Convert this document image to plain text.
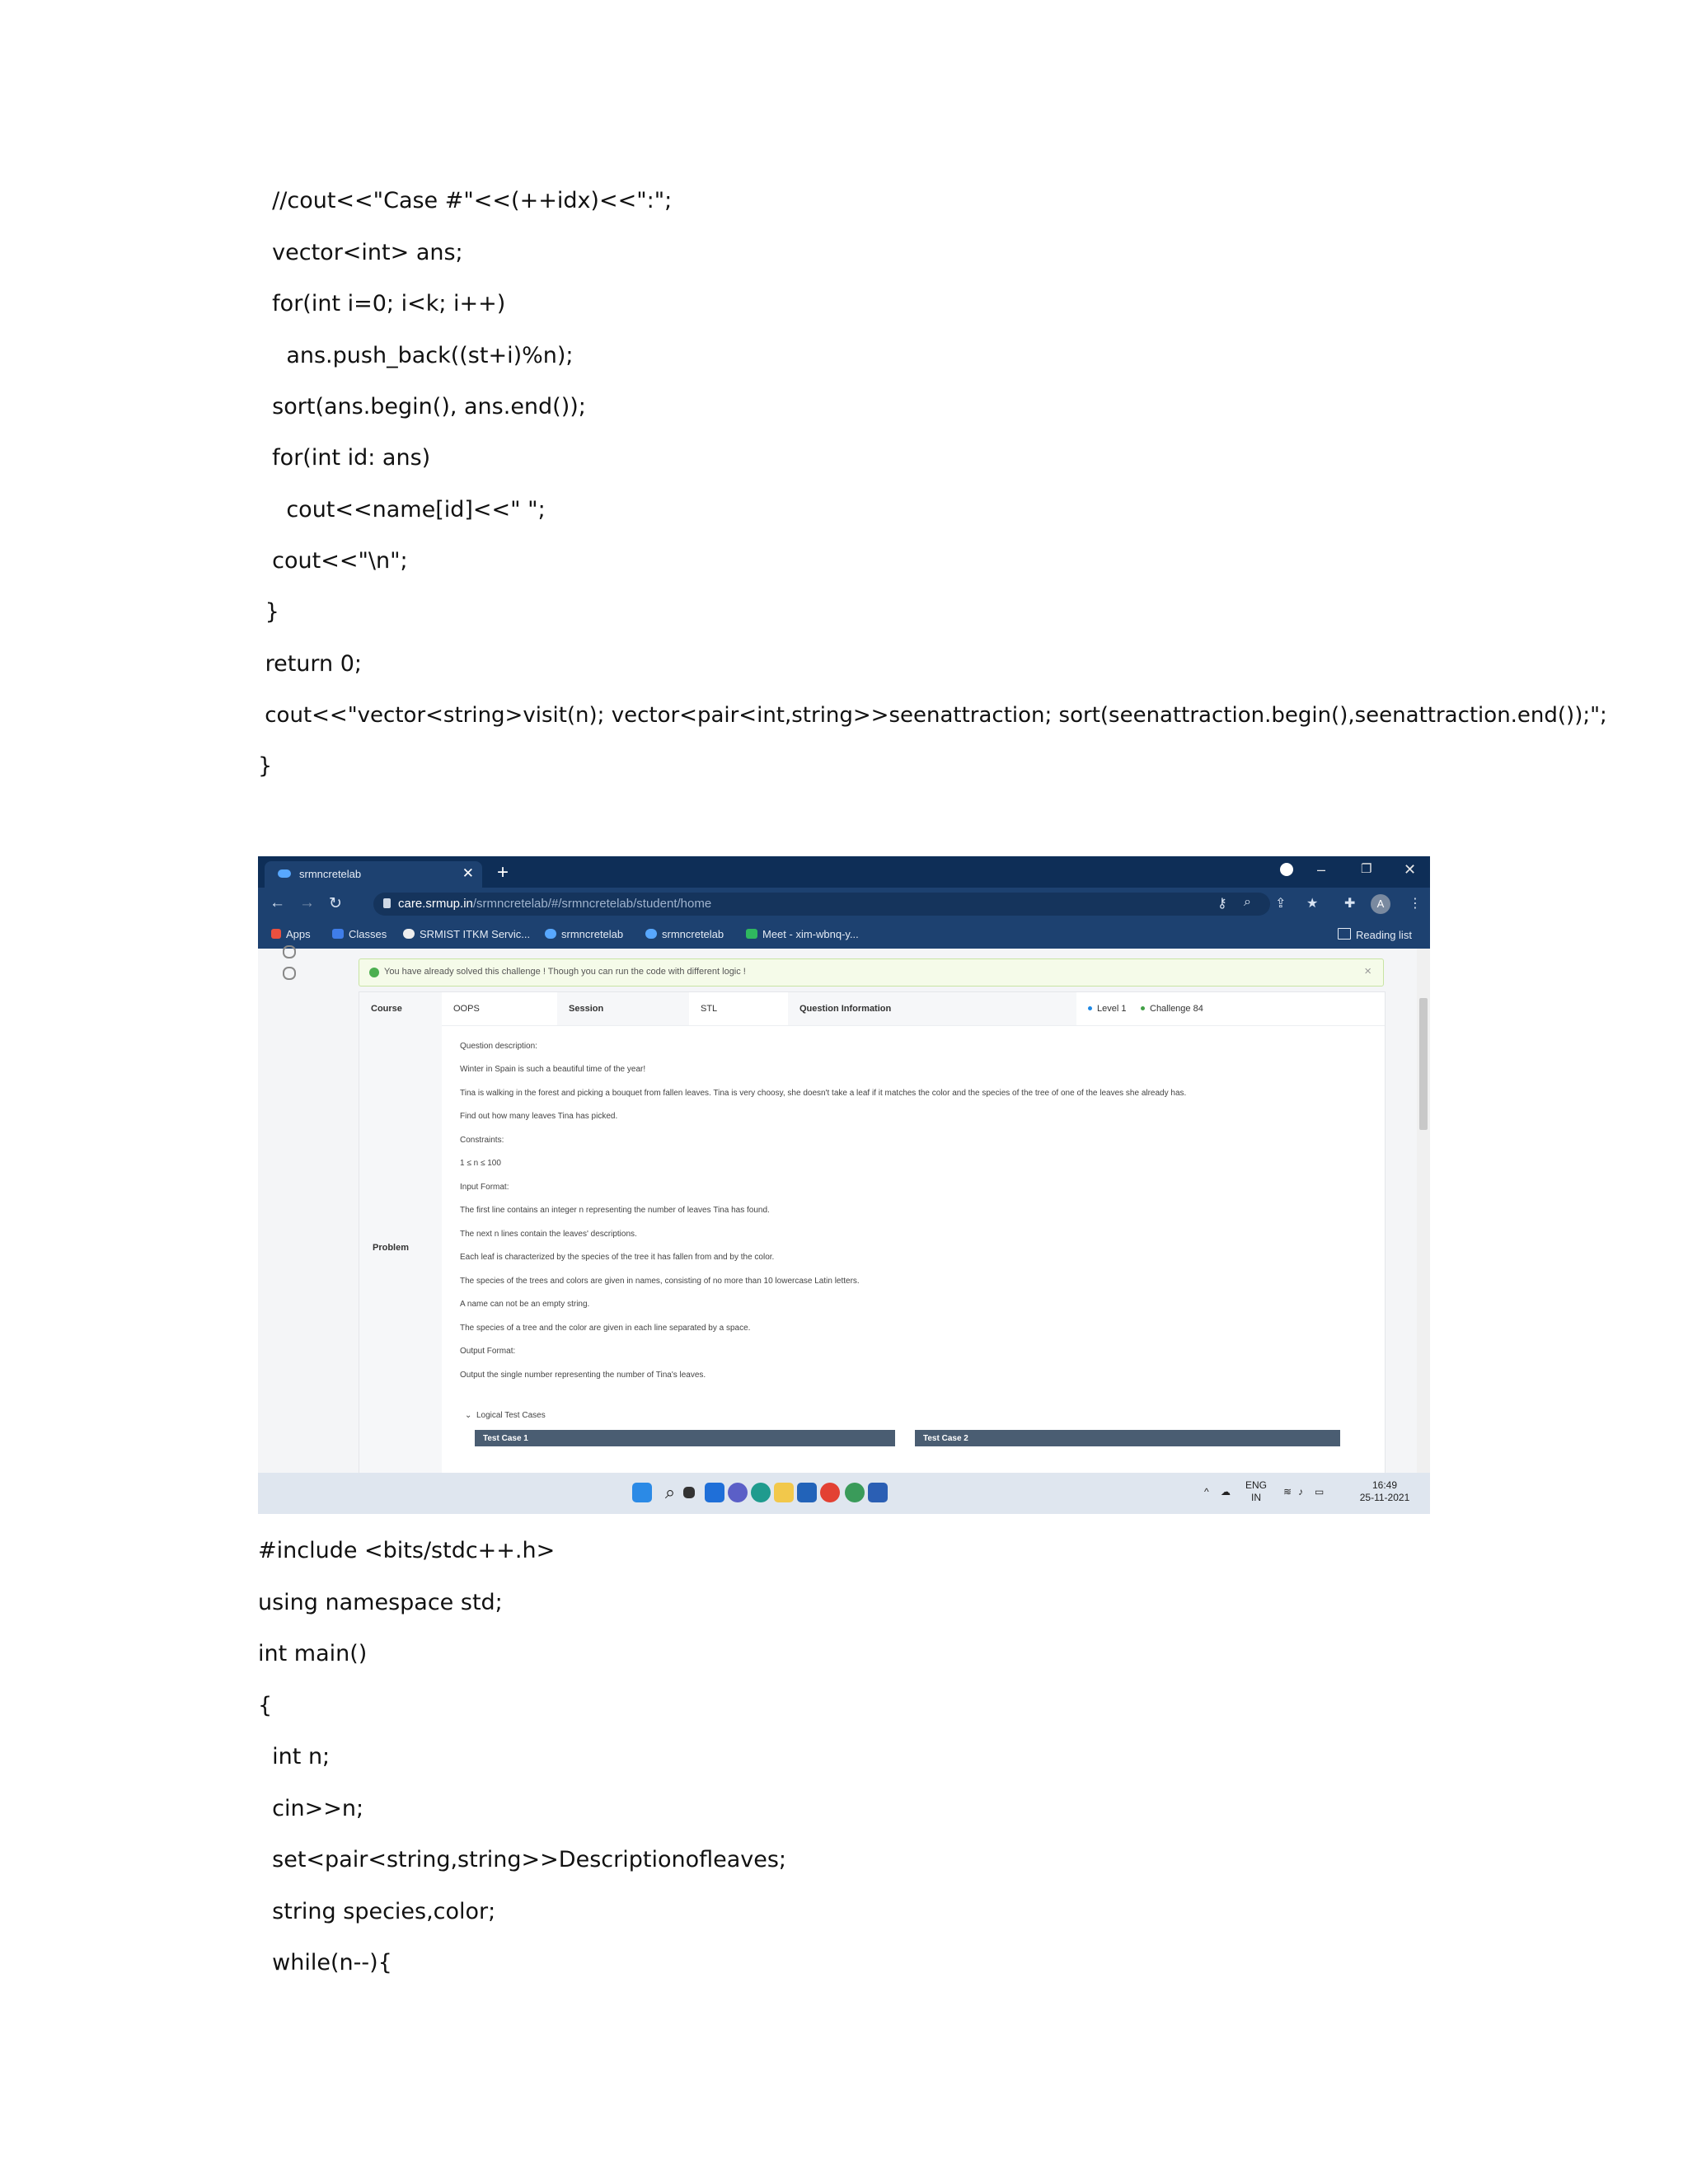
//cout<<"Case #"<<(++idx)<<":";
vector<int> ans;
for(int i=0; i<k; i++)
ans.push_back((st+i)%n);
sort(ans.begin(), ans.end());
for(int id: ans)
cout<<name[id]<<" ";
cout<<"\n";
}
return 0;
cout<<"vector<string>visit(n); vector<pair<int,string>>seenattraction; sort(seenattraction.begin(),seenattraction.end());";
}
srmncretelab	✕ +	–	❐ ✕
← → ↻	care.srmup.in/srmncretelab/#/srmncretelab/student/home	⚷ ⌕ ⇪ ★ ✚	A	⋮
Apps	Classes	SRMIST ITKM Servic...	srmncretelab	srmncretelab	Meet - xim-wbnq-y...	Reading list
You have already solved this challenge ! Though you can run the code with different logic !	×
Course	OOPS	Session	STL	Question Information	Level 1	Challenge 84
Problem
Question description:
Winter in Spain is such a beautiful time of the year!
Tina is walking in the forest and picking a bouquet from fallen leaves. Tina is very choosy, she doesn't take a leaf if it matches the color and the species of the tree of one of the leaves she already has.
Find out how many leaves Tina has picked.
Constraints:
1 ≤ n ≤ 100
Input Format:
The first line contains an integer n representing the number of leaves Tina has found.
The next n lines contain the leaves' descriptions.
Each leaf is characterized by the species of the tree it has fallen from and by the color.
The species of the trees and colors are given in names, consisting of no more than 10 lowercase Latin letters.
A name can not be an empty string.
The species of a tree and the color are given in each line separated by a space.
Output Format:
Output the single number representing the number of Tina's leaves.
⌄ Logical Test Cases
Test Case 1	Test Case 2
⌕	^ ☁
ENG
IN	≋ ♪ ▭
16:49
25-11-2021
#include <bits/stdc++.h>
using namespace std;
int main()
{
int n;
cin>>n;
set<pair<string,string>>Descriptionofleaves;
string species,color;
while(n--){
